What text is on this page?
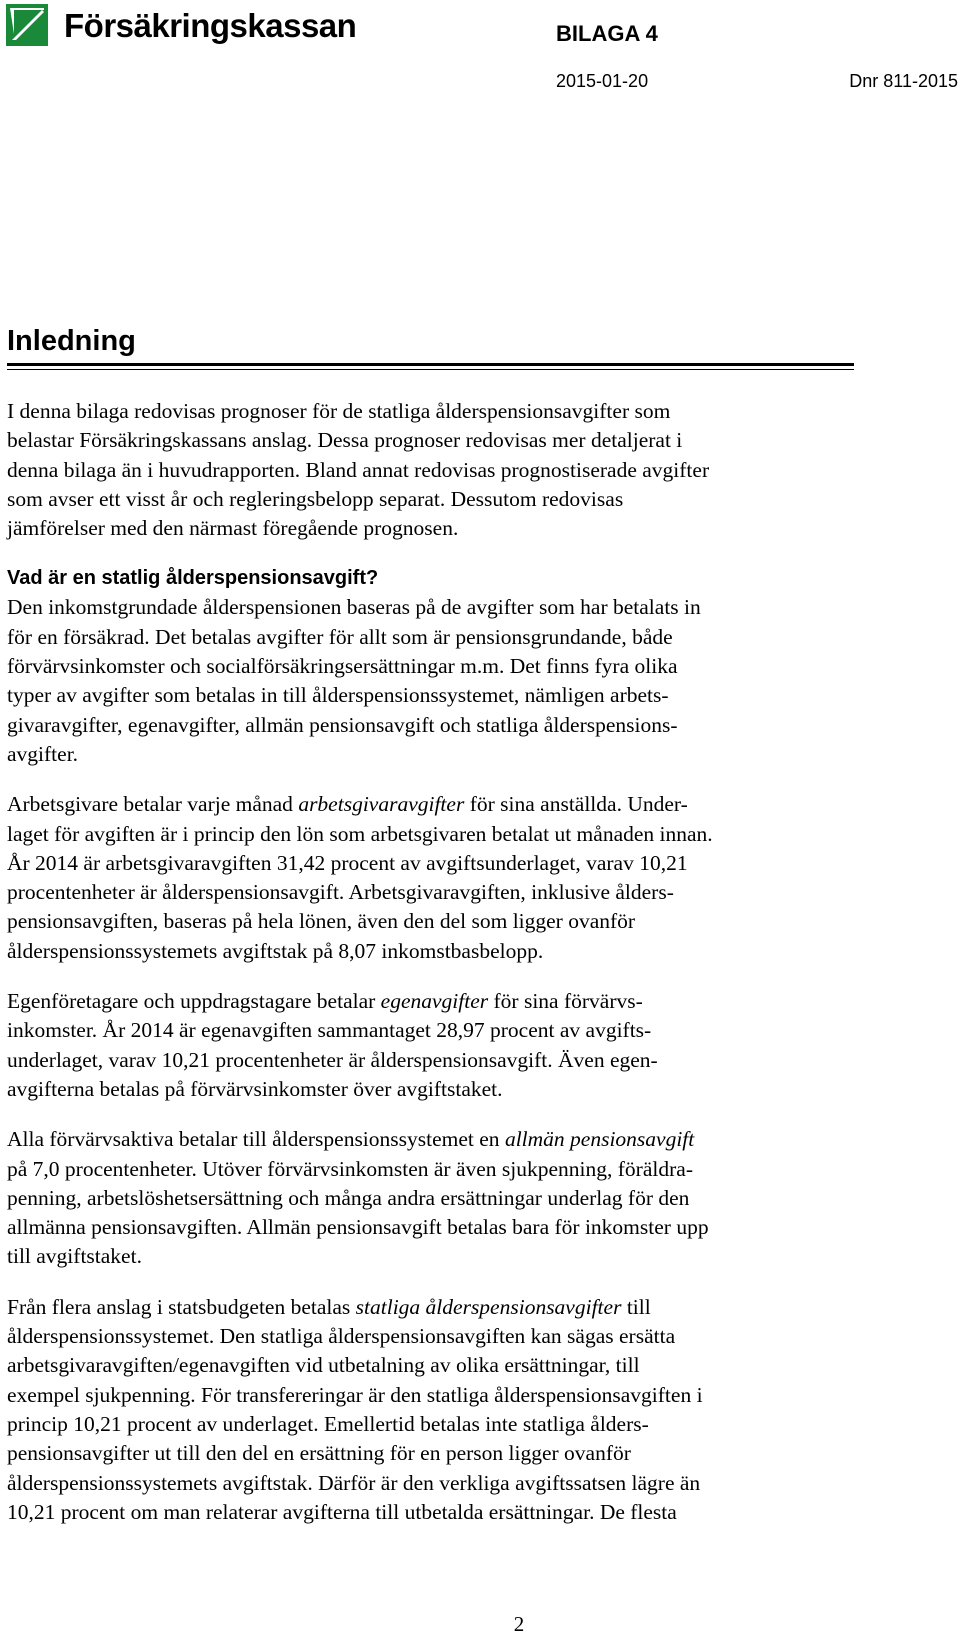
Försäkringskassan	BILAGA 4
2015-01-20	Dnr 811-2015
Inledning

I denna bilaga redovisas prognoser för de statliga ålderspensionsavgifter som
belastar Försäkringskassans anslag. Dessa prognoser redovisas mer detaljerat i
denna bilaga än i huvudrapporten. Bland annat redovisas prognostiserade avgifter
som avser ett visst år och regleringsbelopp separat. Dessutom redovisas
jämförelser med den närmast föregående prognosen.

Vad är en statlig ålderspensionsavgift?

Den inkomstgrundade ålderspensionen baseras på de avgifter som har betalats in
för en försäkrad. Det betalas avgifter för allt som är pensionsgrundande, både
förvärvsinkomster och socialförsäkringsersättningar m.m. Det finns fyra olika
typer av avgifter som betalas in till ålderspensionssystemet, nämligen arbets-
givaravgifter, egenavgifter, allmän pensionsavgift och statliga ålderspensions-
avgifter.

Arbetsgivare betalar varje månad arbetsgivaravgifter för sina anställda. Under-
laget för avgiften är i princip den lön som arbetsgivaren betalat ut månaden innan.
År 2014 är arbetsgivaravgiften 31,42 procent av avgiftsunderlaget, varav 10,21
procentenheter är ålderspensionsavgift. Arbetsgivaravgiften, inklusive ålders-
pensionsavgiften, baseras på hela lönen, även den del som ligger ovanför
ålderspensionssystemets avgiftstak på 8,07 inkomstbasbelopp.

Egenföretagare och uppdragstagare betalar egenavgifter för sina förvärvs-
inkomster. År 2014 är egenavgiften sammantaget 28,97 procent av avgifts-
underlaget, varav 10,21 procentenheter är ålderspensionsavgift. Även egen-
avgifterna betalas på förvärvsinkomster över avgiftstaket.

Alla förvärvsaktiva betalar till ålderspensionssystemet en allmän pensionsavgift
på 7,0 procentenheter. Utöver förvärvsinkomsten är även sjukpenning, föräldra-
penning, arbetslöshetsersättning och många andra ersättningar underlag för den
allmänna pensionsavgiften. Allmän pensionsavgift betalas bara för inkomster upp
till avgiftstaket.

Från flera anslag i statsbudgeten betalas statliga ålderspensionsavgifter till
ålderspensionssystemet. Den statliga ålderspensionsavgiften kan sägas ersätta
arbetsgivaravgiften/egenavgiften vid utbetalning av olika ersättningar, till
exempel sjukpenning. För transfereringar är den statliga ålderspensionsavgiften i
princip 10,21 procent av underlaget. Emellertid betalas inte statliga ålders-
pensionsavgifter ut till den del en ersättning för en person ligger ovanför
ålderspensionssystemets avgiftstak. Därför är den verkliga avgiftssatsen lägre än
10,21 procent om man relaterar avgifterna till utbetalda ersättningar. De flesta

2
